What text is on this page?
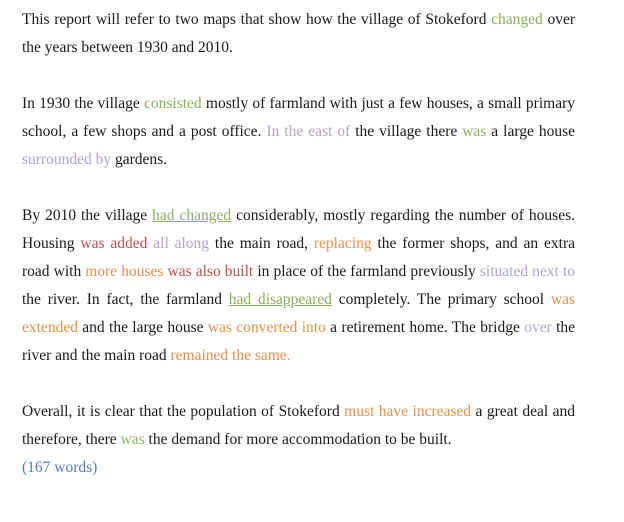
This report will refer to two maps that show how the village of Stokeford changed over the years between 1930 and 2010.

In 1930 the village consisted mostly of farmland with just a few houses, a small primary school, a few shops and a post office. In the east of the village there was a large house surrounded by gardens.

By 2010 the village had changed considerably, mostly regarding the number of houses. Housing was added all along the main road, replacing the former shops, and an extra road with more houses was also built in place of the farmland previously situated next to the river. In fact, the farmland had disappeared completely. The primary school was extended and the large house was converted into a retirement home. The bridge over the river and the main road remained the same.

Overall, it is clear that the population of Stokeford must have increased a great deal and therefore, there was the demand for more accommodation to be built.
(167 words)
